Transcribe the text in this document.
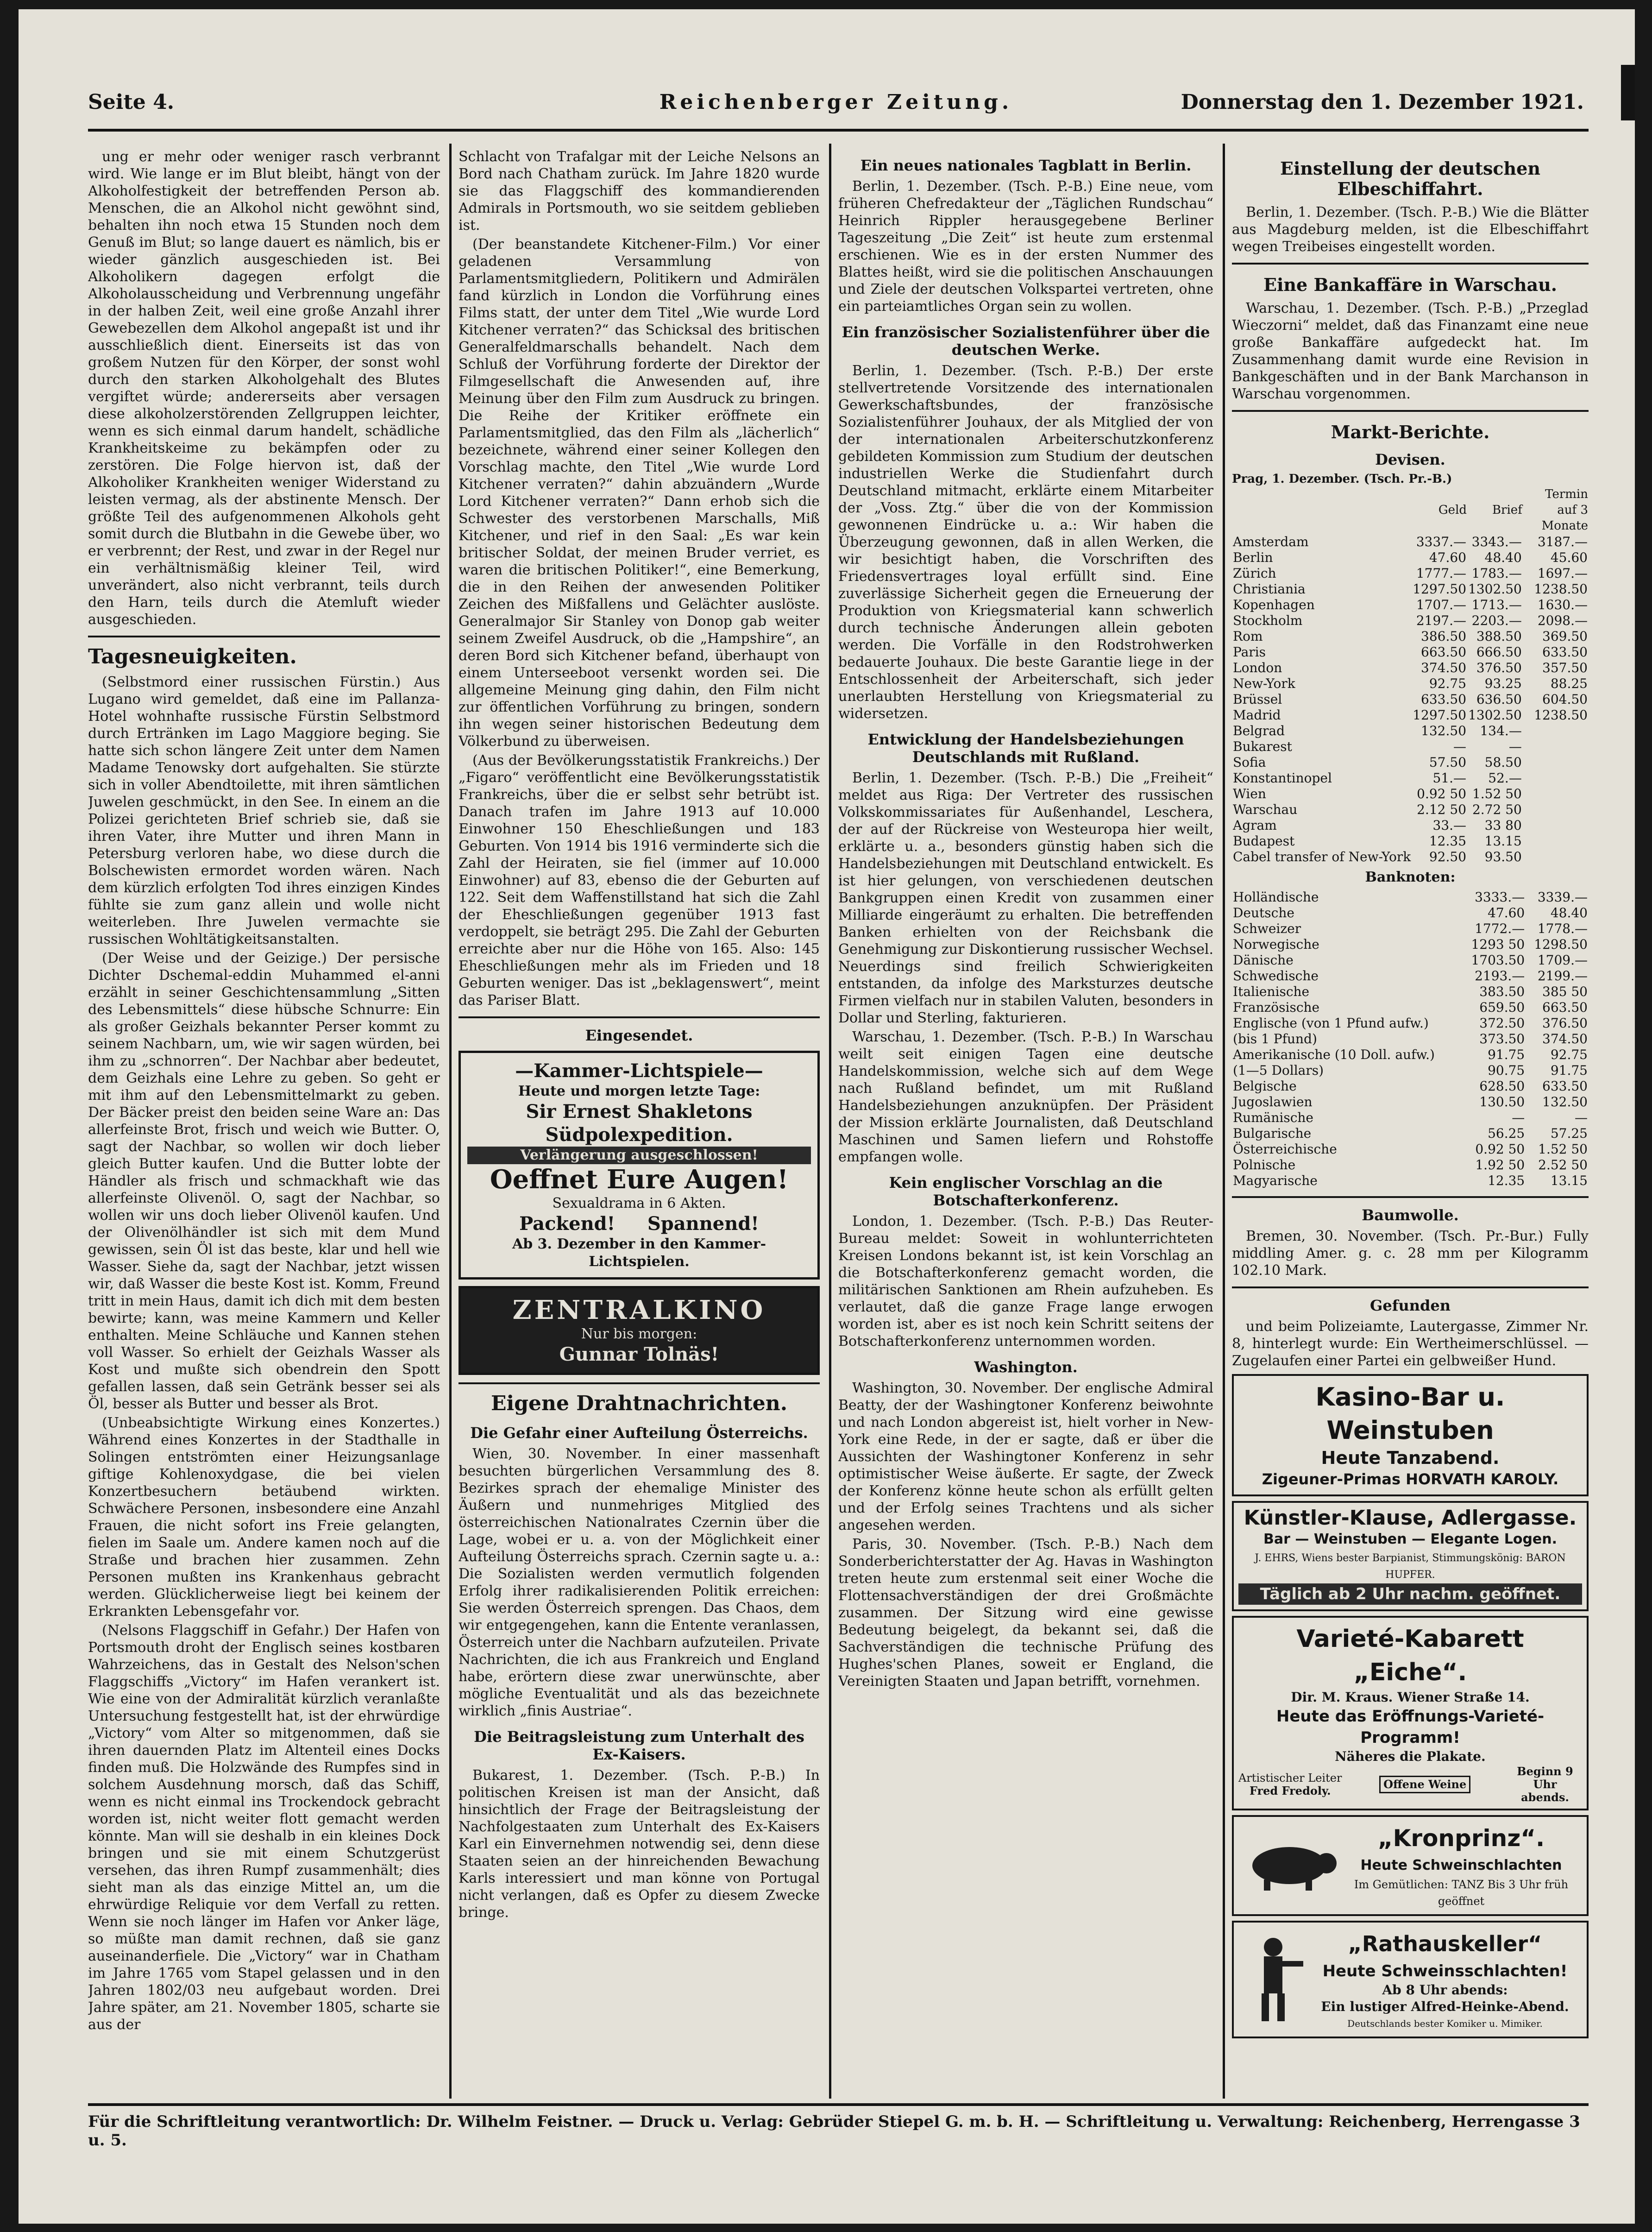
Seite 4.	Reichenberger Zeitung.	Donnerstag den 1. Dezember 1921.

ung er mehr oder weniger rasch verbrannt wird. Wie lange er im Blut bleibt, hängt von der Alkoholfestigkeit der betreffenden Person ab. Menschen, die an Alkohol nicht gewöhnt sind, behalten ihn noch etwa 15 Stunden noch dem Genuß im Blut; so lange dauert es nämlich, bis er wieder gänzlich ausgeschieden ist. Bei Alkoholikern dagegen erfolgt die Alkoholausscheidung und Verbrennung ungefähr in der halben Zeit, weil eine große Anzahl ihrer Gewebezellen dem Alkohol angepaßt ist und ihr ausschließlich dient. Einerseits ist das von großem Nutzen für den Körper, der sonst wohl durch den starken Alkoholgehalt des Blutes vergiftet würde; andererseits aber versagen diese alkoholzerstörenden Zellgruppen leichter, wenn es sich einmal darum handelt, schädliche Krankheitskeime zu bekämpfen oder zu zerstören. Die Folge hiervon ist, daß der Alkoholiker Krankheiten weniger Widerstand zu leisten vermag, als der abstinente Mensch. Der größte Teil des aufgenommenen Alkohols geht somit durch die Blutbahn in die Gewebe über, wo er verbrennt; der Rest, und zwar in der Regel nur ein verhältnismäßig kleiner Teil, wird unverändert, also nicht verbrannt, teils durch den Harn, teils durch die Atemluft wieder ausgeschieden.

Tagesneuigkeiten.

(Selbstmord einer russischen Fürstin.) Aus Lugano wird gemeldet, daß eine im Pallanza-Hotel wohnhafte russische Fürstin Selbstmord durch Ertränken im Lago Maggiore beging. Sie hatte sich schon längere Zeit unter dem Namen Madame Tenowsky dort aufgehalten. Sie stürzte sich in voller Abendtoilette, mit ihren sämtlichen Juwelen geschmückt, in den See. In einem an die Polizei gerichteten Brief schrieb sie, daß sie ihren Vater, ihre Mutter und ihren Mann in Petersburg verloren habe, wo diese durch die Bolschewisten ermordet worden wären. Nach dem kürzlich erfolgten Tod ihres einzigen Kindes fühlte sie zum ganz allein und wolle nicht weiterleben. Ihre Juwelen vermachte sie russischen Wohltätigkeitsanstalten.

(Der Weise und der Geizige.) Der persische Dichter Dschemal-eddin Muhammed el-anni erzählt in seiner Geschichtensammlung „Sitten des Lebensmittels“ diese hübsche Schnurre: Ein als großer Geizhals bekannter Perser kommt zu seinem Nachbarn, um, wie wir sagen würden, bei ihm zu „schnorren“. Der Nachbar aber bedeutet, dem Geizhals eine Lehre zu geben. So geht er mit ihm auf den Lebensmittelmarkt zu geben. Der Bäcker preist den beiden seine Ware an: Das allerfeinste Brot, frisch und weich wie Butter. O, sagt der Nachbar, so wollen wir doch lieber gleich Butter kaufen. Und die Butter lobte der Händler als frisch und schmackhaft wie das allerfeinste Olivenöl. O, sagt der Nachbar, so wollen wir uns doch lieber Olivenöl kaufen. Und der Olivenölhändler ist sich mit dem Mund gewissen, sein Öl ist das beste, klar und hell wie Wasser. Siehe da, sagt der Nachbar, jetzt wissen wir, daß Wasser die beste Kost ist. Komm, Freund tritt in mein Haus, damit ich dich mit dem besten bewirte; kann, was meine Kammern und Keller enthalten. Meine Schläuche und Kannen stehen voll Wasser. So erhielt der Geizhals Wasser als Kost und mußte sich obendrein den Spott gefallen lassen, daß sein Getränk besser sei als Öl, besser als Butter und besser als Brot.

(Unbeabsichtigte Wirkung eines Konzertes.) Während eines Konzertes in der Stadthalle in Solingen entströmten einer Heizungsanlage giftige Kohlenoxydgase, die bei vielen Konzertbesuchern betäubend wirkten. Schwächere Personen, insbesondere eine Anzahl Frauen, die nicht sofort ins Freie gelangten, fielen im Saale um. Andere kamen noch auf die Straße und brachen hier zusammen. Zehn Personen mußten ins Krankenhaus gebracht werden. Glücklicherweise liegt bei keinem der Erkrankten Lebensgefahr vor.

(Nelsons Flaggschiff in Gefahr.) Der Hafen von Portsmouth droht der Englisch seines kostbaren Wahrzeichens, das in Gestalt des Nelson'schen Flaggschiffs „Victory“ im Hafen verankert ist. Wie eine von der Admiralität kürzlich veranlaßte Untersuchung festgestellt hat, ist der ehrwürdige „Victory“ vom Alter so mitgenommen, daß sie ihren dauernden Platz im Altenteil eines Docks finden muß. Die Holzwände des Rumpfes sind in solchem Ausdehnung morsch, daß das Schiff, wenn es nicht einmal ins Trockendock gebracht worden ist, nicht weiter flott gemacht werden könnte. Man will sie deshalb in ein kleines Dock bringen und sie mit einem Schutzgerüst versehen, das ihren Rumpf zusammenhält; dies sieht man als das einzige Mittel an, um die ehrwürdige Reliquie vor dem Verfall zu retten. Wenn sie noch länger im Hafen vor Anker läge, so müßte man damit rechnen, daß sie ganz auseinanderfiele. Die „Victory“ war in Chatham im Jahre 1765 vom Stapel gelassen und in den Jahren 1802/03 neu aufgebaut worden. Drei Jahre später, am 21. November 1805, scharte sie aus der

Schlacht von Trafalgar mit der Leiche Nelsons an Bord nach Chatham zurück. Im Jahre 1820 wurde sie das Flaggschiff des kommandierenden Admirals in Portsmouth, wo sie seitdem geblieben ist.

(Der beanstandete Kitchener-Film.) Vor einer geladenen Versammlung von Parlamentsmitgliedern, Politikern und Admirälen fand kürzlich in London die Vorführung eines Films statt, der unter dem Titel „Wie wurde Lord Kitchener verraten?“ das Schicksal des britischen Generalfeldmarschalls behandelt. Nach dem Schluß der Vorführung forderte der Direktor der Filmgesellschaft die Anwesenden auf, ihre Meinung über den Film zum Ausdruck zu bringen. Die Reihe der Kritiker eröffnete ein Parlamentsmitglied, das den Film als „lächerlich“ bezeichnete, während einer seiner Kollegen den Vorschlag machte, den Titel „Wie wurde Lord Kitchener verraten?“ dahin abzuändern „Wurde Lord Kitchener verraten?“ Dann erhob sich die Schwester des verstorbenen Marschalls, Miß Kitchener, und rief in den Saal: „Es war kein britischer Soldat, der meinen Bruder verriet, es waren die britischen Politiker!“, eine Bemerkung, die in den Reihen der anwesenden Politiker Zeichen des Mißfallens und Gelächter auslöste. Generalmajor Sir Stanley von Donop gab weiter seinem Zweifel Ausdruck, ob die „Hampshire“, an deren Bord sich Kitchener befand, überhaupt von einem Unterseeboot versenkt worden sei. Die allgemeine Meinung ging dahin, den Film nicht zur öffentlichen Vorführung zu bringen, sondern ihn wegen seiner historischen Bedeutung dem Völkerbund zu überweisen.

(Aus der Bevölkerungsstatistik Frankreichs.) Der „Figaro“ veröffentlicht eine Bevölkerungsstatistik Frankreichs, über die er selbst sehr betrübt ist. Danach trafen im Jahre 1913 auf 10.000 Einwohner 150 Eheschließungen und 183 Geburten. Von 1914 bis 1916 verminderte sich die Zahl der Heiraten, sie fiel (immer auf 10.000 Einwohner) auf 83, ebenso die der Geburten auf 122. Seit dem Waffenstillstand hat sich die Zahl der Eheschließungen gegenüber 1913 fast verdoppelt, sie beträgt 295. Die Zahl der Geburten erreichte aber nur die Höhe von 165. Also: 145 Eheschließungen mehr als im Frieden und 18 Geburten weniger. Das ist „beklagenswert“, meint das Pariser Blatt.

Eingesendet.
—Kammer-Lichtspiele—
Heute und morgen letzte Tage:
Sir Ernest Shakletons Südpolexpedition.
Verlängerung ausgeschlossen!
Oeffnet Eure Augen!
Sexualdrama in 6 Akten.
Packend! Spannend!
Ab 3. Dezember in den Kammer-Lichtspielen.
ZENTRALKINO
Nur bis morgen:
Gunnar Tolnäs!
Eigene Drahtnachrichten.
Die Gefahr einer Aufteilung Österreichs.

Wien, 30. November. In einer massenhaft besuchten bürgerlichen Versammlung des 8. Bezirkes sprach der ehemalige Minister des Äußern und nunmehriges Mitglied des österreichischen Nationalrates Czernin über die Lage, wobei er u. a. von der Möglichkeit einer Aufteilung Österreichs sprach. Czernin sagte u. a.: Die Sozialisten werden vermutlich folgenden Erfolg ihrer radikalisierenden Politik erreichen: Sie werden Österreich sprengen. Das Chaos, dem wir entgegengehen, kann die Entente veranlassen, Österreich unter die Nachbarn aufzuteilen. Private Nachrichten, die ich aus Frankreich und England habe, erörtern diese zwar unerwünschte, aber mögliche Eventualität und als das bezeichnete wirklich „finis Austriae“.

Die Beitragsleistung zum Unterhalt des Ex-Kaisers.

Bukarest, 1. Dezember. (Tsch. P.-B.) In politischen Kreisen ist man der Ansicht, daß hinsichtlich der Frage der Beitragsleistung der Nachfolgestaaten zum Unterhalt des Ex-Kaisers Karl ein Einvernehmen notwendig sei, denn diese Staaten seien an der hinreichenden Bewachung Karls interessiert und man könne von Portugal nicht verlangen, daß es Opfer zu diesem Zwecke bringe.

Ein neues nationales Tagblatt in Berlin.

Berlin, 1. Dezember. (Tsch. P.-B.) Eine neue, vom früheren Chefredakteur der „Täglichen Rundschau“ Heinrich Rippler herausgegebene Berliner Tageszeitung „Die Zeit“ ist heute zum erstenmal erschienen. Wie es in der ersten Nummer des Blattes heißt, wird sie die politischen Anschauungen und Ziele der deutschen Volkspartei vertreten, ohne ein parteiamtliches Organ sein zu wollen.

Ein französischer Sozialistenführer über die deutschen Werke.

Berlin, 1. Dezember. (Tsch. P.-B.) Der erste stellvertretende Vorsitzende des internationalen Gewerkschaftsbundes, der französische Sozialistenführer Jouhaux, der als Mitglied der von der internationalen Arbeiterschutzkonferenz gebildeten Kommission zum Studium der deutschen industriellen Werke die Studienfahrt durch Deutschland mitmacht, erklärte einem Mitarbeiter der „Voss. Ztg.“ über die von der Kommission gewonnenen Eindrücke u. a.: Wir haben die Überzeugung gewonnen, daß in allen Werken, die wir besichtigt haben, die Vorschriften des Friedensvertrages loyal erfüllt sind. Eine zuverlässige Sicherheit gegen die Erneuerung der Produktion von Kriegsmaterial kann schwerlich durch technische Änderungen allein geboten werden. Die Vorfälle in den Rodstrohwerken bedauerte Jouhaux. Die beste Garantie liege in der Entschlossenheit der Arbeiterschaft, sich jeder unerlaubten Herstellung von Kriegsmaterial zu widersetzen.

Entwicklung der Handelsbeziehungen Deutschlands mit Rußland.

Berlin, 1. Dezember. (Tsch. P.-B.) Die „Freiheit“ meldet aus Riga: Der Vertreter des russischen Volkskommissariates für Außenhandel, Leschera, der auf der Rückreise von Westeuropa hier weilt, erklärte u. a., besonders günstig haben sich die Handelsbeziehungen mit Deutschland entwickelt. Es ist hier gelungen, von verschiedenen deutschen Bankgruppen einen Kredit von zusammen einer Milliarde eingeräumt zu erhalten. Die betreffenden Banken erhielten von der Reichsbank die Genehmigung zur Diskontierung russischer Wechsel. Neuerdings sind freilich Schwierigkeiten entstanden, da infolge des Marksturzes deutsche Firmen vielfach nur in stabilen Valuten, besonders in Dollar und Sterling, fakturieren.

Warschau, 1. Dezember. (Tsch. P.-B.) In Warschau weilt seit einigen Tagen eine deutsche Handelskommission, welche sich auf dem Wege nach Rußland befindet, um mit Rußland Handelsbeziehungen anzuknüpfen. Der Präsident der Mission erklärte Journalisten, daß Deutschland Maschinen und Samen liefern und Rohstoffe empfangen wolle.

Kein englischer Vorschlag an die Botschafterkonferenz.

London, 1. Dezember. (Tsch. P.-B.) Das Reuter-Bureau meldet: Soweit in wohlunterrichteten Kreisen Londons bekannt ist, ist kein Vorschlag an die Botschafterkonferenz gemacht worden, die militärischen Sanktionen am Rhein aufzuheben. Es verlautet, daß die ganze Frage lange erwogen worden ist, aber es ist noch kein Schritt seitens der Botschafterkonferenz unternommen worden.

Washington.

Washington, 30. November. Der englische Admiral Beatty, der der Washingtoner Konferenz beiwohnte und nach London abgereist ist, hielt vorher in New-York eine Rede, in der er sagte, daß er über die Aussichten der Washingtoner Konferenz in sehr optimistischer Weise äußerte. Er sagte, der Zweck der Konferenz könne heute schon als erfüllt gelten und der Erfolg seines Trachtens und als sicher angesehen werden.

Paris, 30. November. (Tsch. P.-B.) Nach dem Sonderberichterstatter der Ag. Havas in Washington treten heute zum erstenmal seit einer Woche die Flottensachverständigen der drei Großmächte zusammen. Der Sitzung wird eine gewisse Bedeutung beigelegt, da bekannt sei, daß die Sachverständigen die technische Prüfung des Hughes'schen Planes, soweit er England, die Vereinigten Staaten und Japan betrifft, vornehmen.

Einstellung der deutschen Elbeschiffahrt.

Berlin, 1. Dezember. (Tsch. P.-B.) Wie die Blätter aus Magdeburg melden, ist die Elbeschiffahrt wegen Treibeises eingestellt worden.

Eine Bankaffäre in Warschau.

Warschau, 1. Dezember. (Tsch. P.-B.) „Przeglad Wieczorni“ meldet, daß das Finanzamt eine neue große Bankaffäre aufgedeckt hat. Im Zusammenhang damit wurde eine Revision in Bankgeschäften und in der Bank Marchanson in Warschau vorgenommen.

Markt-Berichte.
Devisen.
Prag, 1. Dezember. (Tsch. Pr.-B.)
	Geld	Brief	Termin auf 3 Monate
Amsterdam	3337.—	3343.—	3187.—
Berlin	47.60	48.40	45.60
Zürich	1777.—	1783.—	1697.—
Christiania	1297.50	1302.50	1238.50
Kopenhagen	1707.—	1713.—	1630.—
Stockholm	2197.—	2203.—	2098.—
Rom	386.50	388.50	369.50
Paris	663.50	666.50	633.50
London	374.50	376.50	357.50
New-York	92.75	93.25	88.25
Brüssel	633.50	636.50	604.50
Madrid	1297.50	1302.50	1238.50
Belgrad	132.50	134.—	
Bukarest	—	—	
Sofia	57.50	58.50	
Konstantinopel	51.—	52.—	
Wien	0.92 50	1.52 50	
Warschau	2.12 50	2.72 50	
Agram	33.—	33 80	
Budapest	12.35	13.15	
Cabel transfer of New-York	92.50	93.50	
Banknoten:
Holländische	3333.—	3339.—
Deutsche	47.60	48.40
Schweizer	1772.—	1778.—
Norwegische	1293 50	1298.50
Dänische	1703.50	1709.—
Schwedische	2193.—	2199.—
Italienische	383.50	385 50
Französische	659.50	663.50
Englische (von 1 Pfund aufw.)	372.50	376.50
(bis 1 Pfund)	373.50	374.50
Amerikanische (10 Doll. aufw.)	91.75	92.75
(1—5 Dollars)	90.75	91.75
Belgische	628.50	633.50
Jugoslawien	130.50	132.50
Rumänische	—	—
Bulgarische	56.25	57.25
Österreichische	0.92 50	1.52 50
Polnische	1.92 50	2.52 50
Magyarische	12.35	13.15
Baumwolle.

Bremen, 30. November. (Tsch. Pr.-Bur.) Fully middling Amer. g. c. 28 mm per Kilogramm 102.10 Mark.

Gefunden

und beim Polizeiamte, Lautergasse, Zimmer Nr. 8, hinterlegt wurde: Ein Wertheimerschlüssel. — Zugelaufen einer Partei ein gelbweißer Hund.

Kasino-Bar u. Weinstuben
Heute Tanzabend.
Zigeuner-Primas HORVATH KAROLY.
Künstler-Klause, Adlergasse.
Bar — Weinstuben — Elegante Logen.
J. EHRS, Wiens bester Barpianist, Stimmungskönig: BARON HUPFER.
Täglich ab 2 Uhr nachm. geöffnet.
Varieté-Kabarett „Eiche“.
Dir. M. Kraus. Wiener Straße 14.
Heute das Eröffnungs-Varieté-Programm!
Näheres die Plakate.
Artistischer Leiter
Fred Fredoly.	Offene Weine
Beginn 9 Uhr abends.
„Kronprinz“.
Heute Schweinschlachten
Im Gemütlichen: TANZ Bis 3 Uhr früh geöffnet
„Rathauskeller“
Heute Schweinsschlachten!
Ab 8 Uhr abends:
Ein lustiger Alfred-Heinke-Abend.
Deutschlands bester Komiker u. Mimiker.
Für die Schriftleitung verantwortlich: Dr. Wilhelm Feistner. — Druck u. Verlag: Gebrüder Stiepel G. m. b. H. — Schriftleitung u. Verwaltung: Reichenberg, Herrengasse 3 u. 5.
